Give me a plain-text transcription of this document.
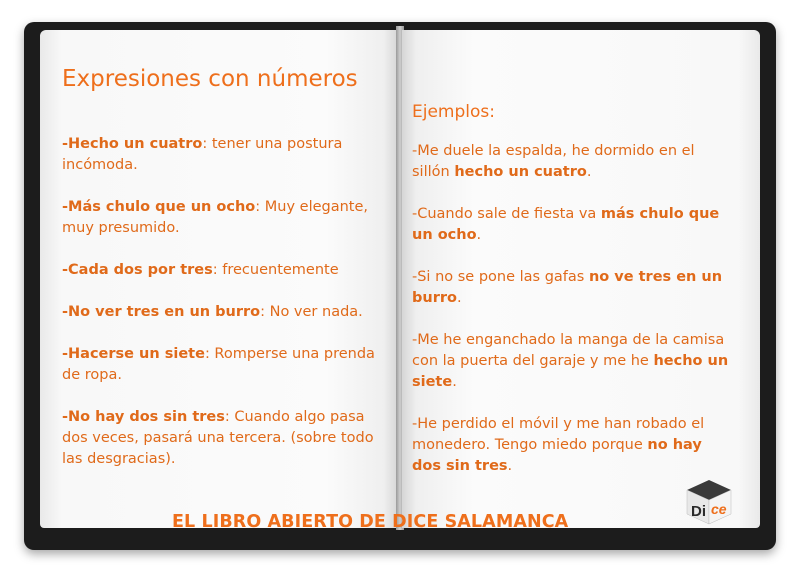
Expresiones con números
-Hecho un cuatro: tener una postura incómoda.
-Más chulo que un ocho: Muy elegante, muy presumido.
-Cada dos por tres: frecuentemente
-No ver tres en un burro: No ver nada.
-Hacerse un siete: Romperse una prenda de ropa.
-No hay dos sin tres: Cuando algo pasa dos veces, pasará una tercera. (sobre todo las desgracias).
Ejemplos:
-Me duele la espalda, he dormido en el sillón hecho un cuatro.
-Cuando sale de fiesta va más chulo que un ocho.
-Si no se pone las gafas no ve tres en un burro.
-Me he enganchado la manga de la camisa con la puerta del garaje y me he hecho un siete.
-He perdido el móvil y me han robado el monedero. Tengo miedo porque no hay dos sin tres.
EL LIBRO ABIERTO DE DICE SALAMANCA
Di ce
